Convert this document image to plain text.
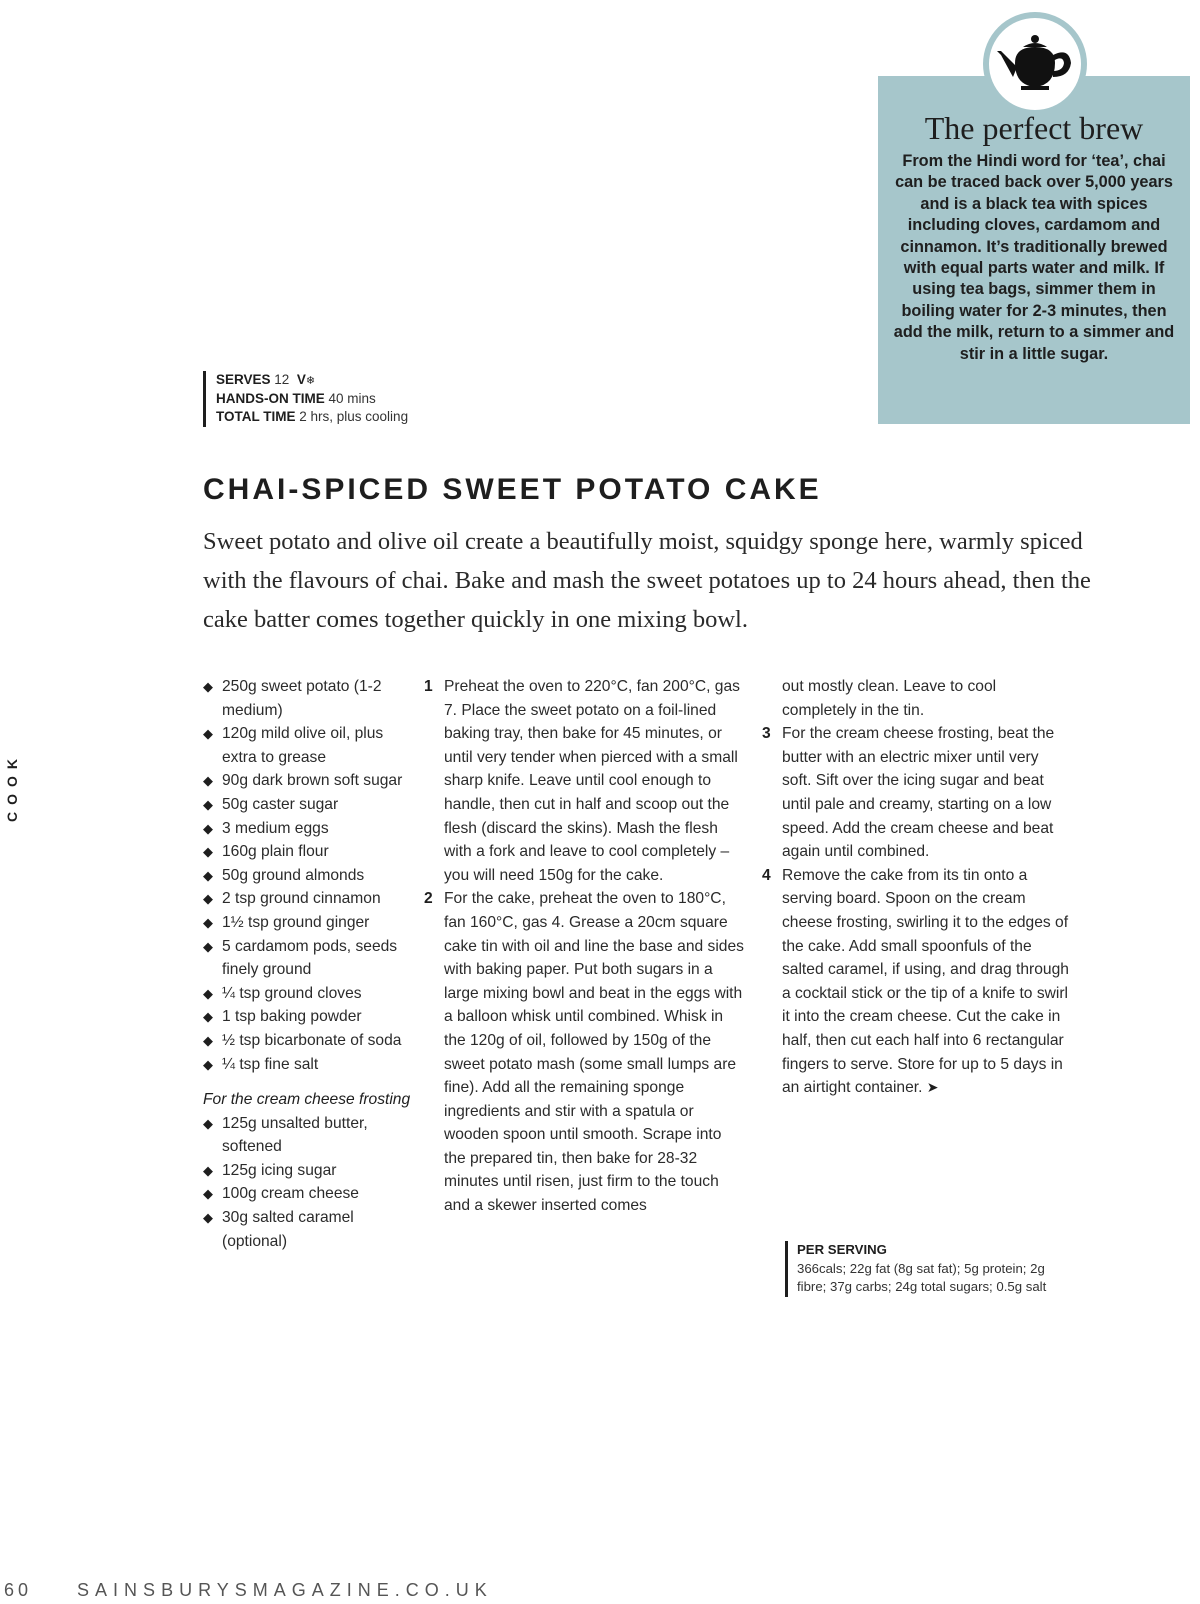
The perfect brew
From the Hindi word for ‘tea’, chai can be traced back over 5,000 years and is a black tea with spices including cloves, cardamom and cinnamon. It’s traditionally brewed with equal parts water and milk. If using tea bags, simmer them in boiling water for 2-3 minutes, then add the milk, return to a simmer and stir in a little sugar.
SERVES 12 V❄
HANDS-ON TIME 40 mins
TOTAL TIME 2 hrs, plus cooling
CHAI-SPICED SWEET POTATO CAKE
Sweet potato and olive oil create a beautifully moist, squidgy sponge here, warmly spiced with the flavours of chai. Bake and mash the sweet potatoes up to 24 hours ahead, then the cake batter comes together quickly in one mixing bowl.
COOK
◆ 250g sweet potato (1-2 medium)
◆ 120g mild olive oil, plus extra to grease
◆ 90g dark brown soft sugar
◆ 50g caster sugar
◆ 3 medium eggs
◆ 160g plain flour
◆ 50g ground almonds
◆ 2 tsp ground cinnamon
◆ 1½ tsp ground ginger
◆ 5 cardamom pods, seeds finely ground
◆ ¼ tsp ground cloves
◆ 1 tsp baking powder
◆ ½ tsp bicarbonate of soda
◆ ¼ tsp fine salt
For the cream cheese frosting
◆ 125g unsalted butter, softened
◆ 125g icing sugar
◆ 100g cream cheese
◆ 30g salted caramel (optional)
1 Preheat the oven to 220°C, fan 200°C, gas 7. Place the sweet potato on a foil-lined baking tray, then bake for 45 minutes, or until very tender when pierced with a small sharp knife. Leave until cool enough to handle, then cut in half and scoop out the flesh (discard the skins). Mash the flesh with a fork and leave to cool completely – you will need 150g for the cake.
2 For the cake, preheat the oven to 180°C, fan 160°C, gas 4. Grease a 20cm square cake tin with oil and line the base and sides with baking paper. Put both sugars in a large mixing bowl and beat in the eggs with a balloon whisk until combined. Whisk in the 120g of oil, followed by 150g of the sweet potato mash (some small lumps are fine). Add all the remaining sponge ingredients and stir with a spatula or wooden spoon until smooth. Scrape into the prepared tin, then bake for 28-32 minutes until risen, just firm to the touch and a skewer inserted comes
out mostly clean. Leave to cool completely in the tin.
3 For the cream cheese frosting, beat the butter with an electric mixer until very soft. Sift over the icing sugar and beat until pale and creamy, starting on a low speed. Add the cream cheese and beat again until combined.
4 Remove the cake from its tin onto a serving board. Spoon on the cream cheese frosting, swirling it to the edges of the cake. Add small spoonfuls of the salted caramel, if using, and drag through a cocktail stick or the tip of a knife to swirl it into the cream cheese. Cut the cake in half, then cut each half into 6 rectangular fingers to serve. Store for up to 5 days in an airtight container. ➤
PER SERVING
366cals; 22g fat (8g sat fat); 5g protein; 2g fibre; 37g carbs; 24g total sugars; 0.5g salt
60	SAINSBURYSMAGAZINE.CO.UK
